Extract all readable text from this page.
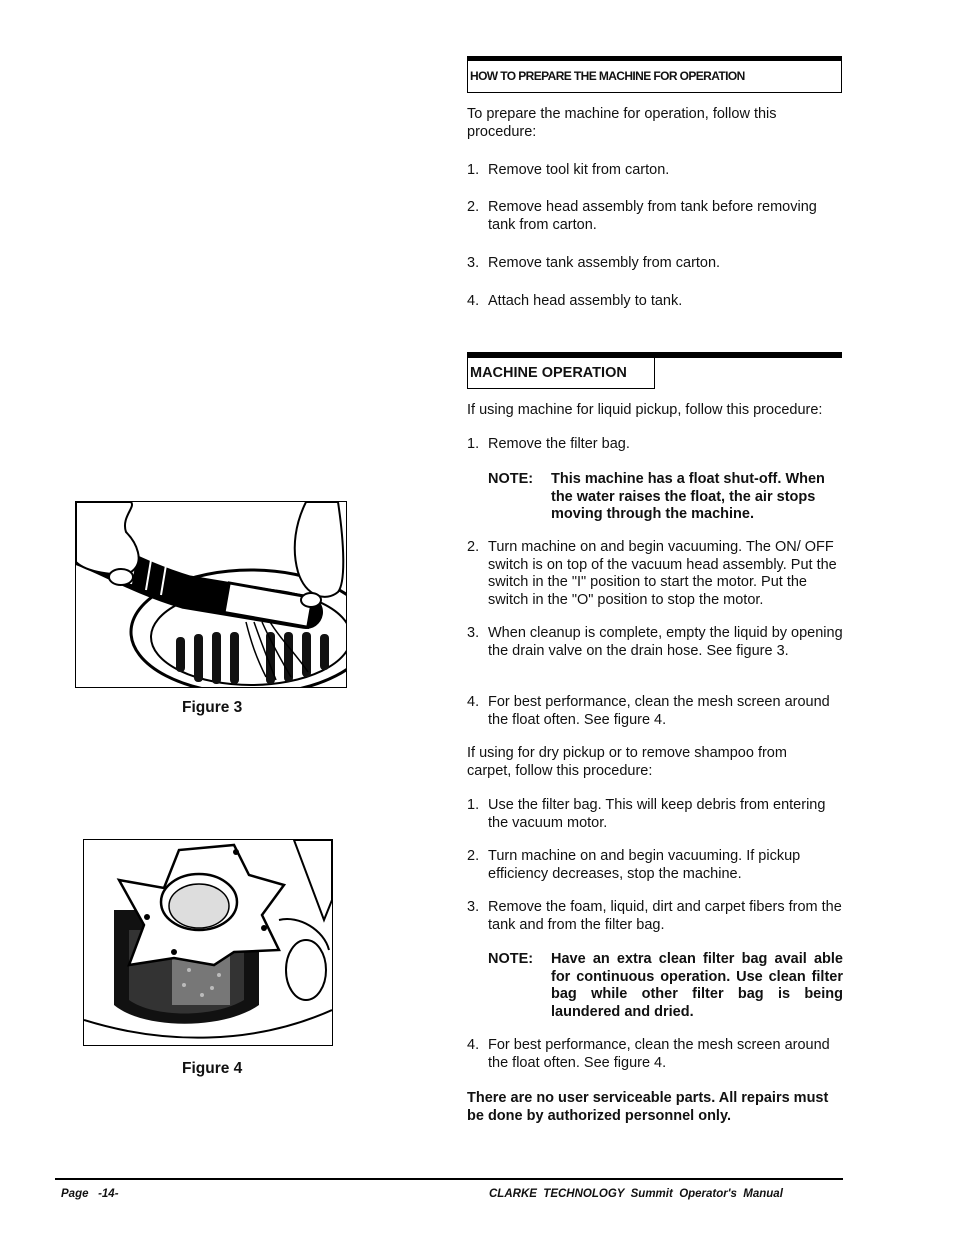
HOW TO PREPARE THE MACHINE FOR OPERATION
To prepare the machine for operation, follow this procedure:
1. Remove tool kit from carton.
2. Remove head assembly from tank before removing tank from carton.
3. Remove tank assembly from carton.
4. Attach head assembly to tank.
MACHINE OPERATION
If using machine for liquid pickup, follow this procedure:
1. Remove the filter bag.
NOTE: This machine has a float shut-off. When the water raises the float, the air stops moving through the machine.
2. Turn machine on and begin vacuuming. The ON/ OFF switch is on top of the vacuum head assembly. Put the switch in the "I" position to start the motor. Put the switch in the "O" position to stop the motor.
3. When cleanup is complete, empty the liquid by opening the drain valve on the drain hose. See figure 3.
4. For best performance, clean the mesh screen around the float often. See figure 4.
If using for dry pickup or to remove shampoo from carpet, follow this procedure:
1. Use the filter bag. This will keep debris from entering the vacuum motor.
2. Turn machine on and begin vacuuming. If pickup efficiency decreases, stop the machine.
3. Remove the foam, liquid, dirt and carpet fibers from the tank and from the filter bag.
NOTE: Have an extra clean filter bag avail able for continuous operation. Use clean filter bag while other filter bag is being laundered and dried.
4. For best performance, clean the mesh screen around the float often. See figure 4.
There are no user serviceable parts. All repairs must be done by authorized personnel only.
Figure 3
Figure 4
Page   -14-	CLARKE  TECHNOLOGY  Summit  Operator's  Manual
